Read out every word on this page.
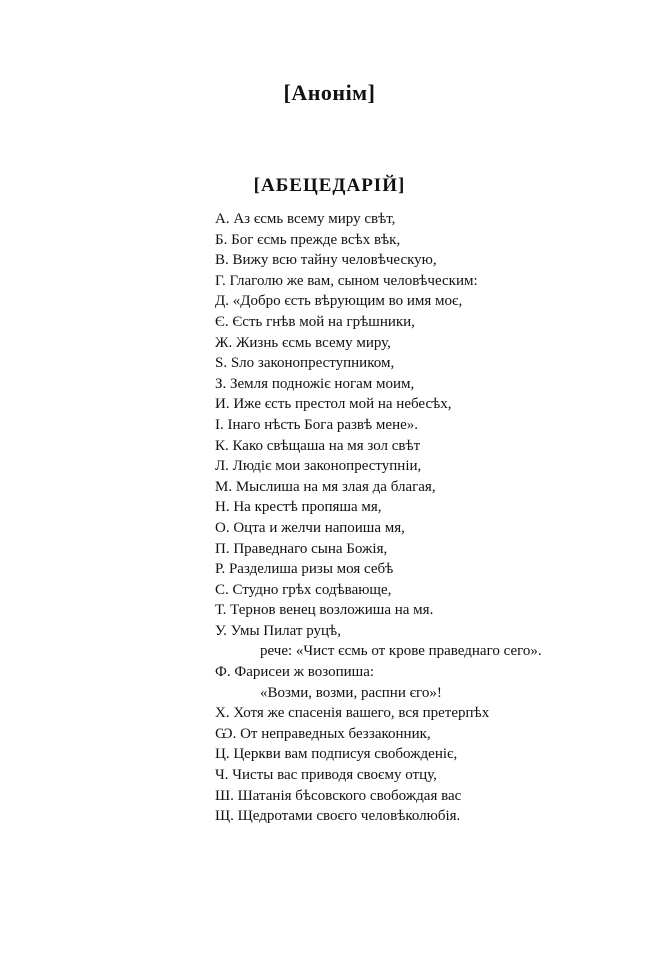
[Анонім]
[АБЕЦЕДАРІЙ]
А. Аз єсмь всему миру свѣт,
Б. Бог єсмь прежде всѣх вѣк,
В. Вижу всю тайну человѣческую,
Г. Глаголю же вам, сыном человѣческим:
Д. «Добро єсть вѣрующим во имя моє,
Є. Єсть гнѣв мой на грѣшники,
Ж. Жизнь єсмь всему миру,
Ѕ. Ѕло законопреступником,
З. Земля подножіє ногам моим,
И. Иже єсть престол мой на небесѣх,
І. Інаго нѣсть Бога развѣ мене».
К. Како свѣщаша на мя зол свѣт
Л. Людіє мои законопреступніи,
М. Мыслиша на мя злая да благая,
Н. На крестѣ пропяша мя,
О. Оцта и желчи напоиша мя,
П. Праведнаго сына Божія,
Р. Разделиша ризы моя себѣ
С. Студно грѣх содѣвающе,
Т. Тернов венец возложиша на мя.
У. Умы Пилат руцѣ,
рече: «Чист єсмь от крове праведнаго сего».
Ф. Фарисеи ж возопиша:
«Возми, возми, распни єго»!
Х. Хотя же спасенія вашего, вся претерпѣх
Ѡ. От неправедных беззаконник,
Ц. Церкви вам подписуя свобожденіє,
Ч. Чисты вас приводя своєму отцу,
Ш. Шатанія бѣсовского свобождая вас
Щ. Щедротами своєго человѣколюбія.
